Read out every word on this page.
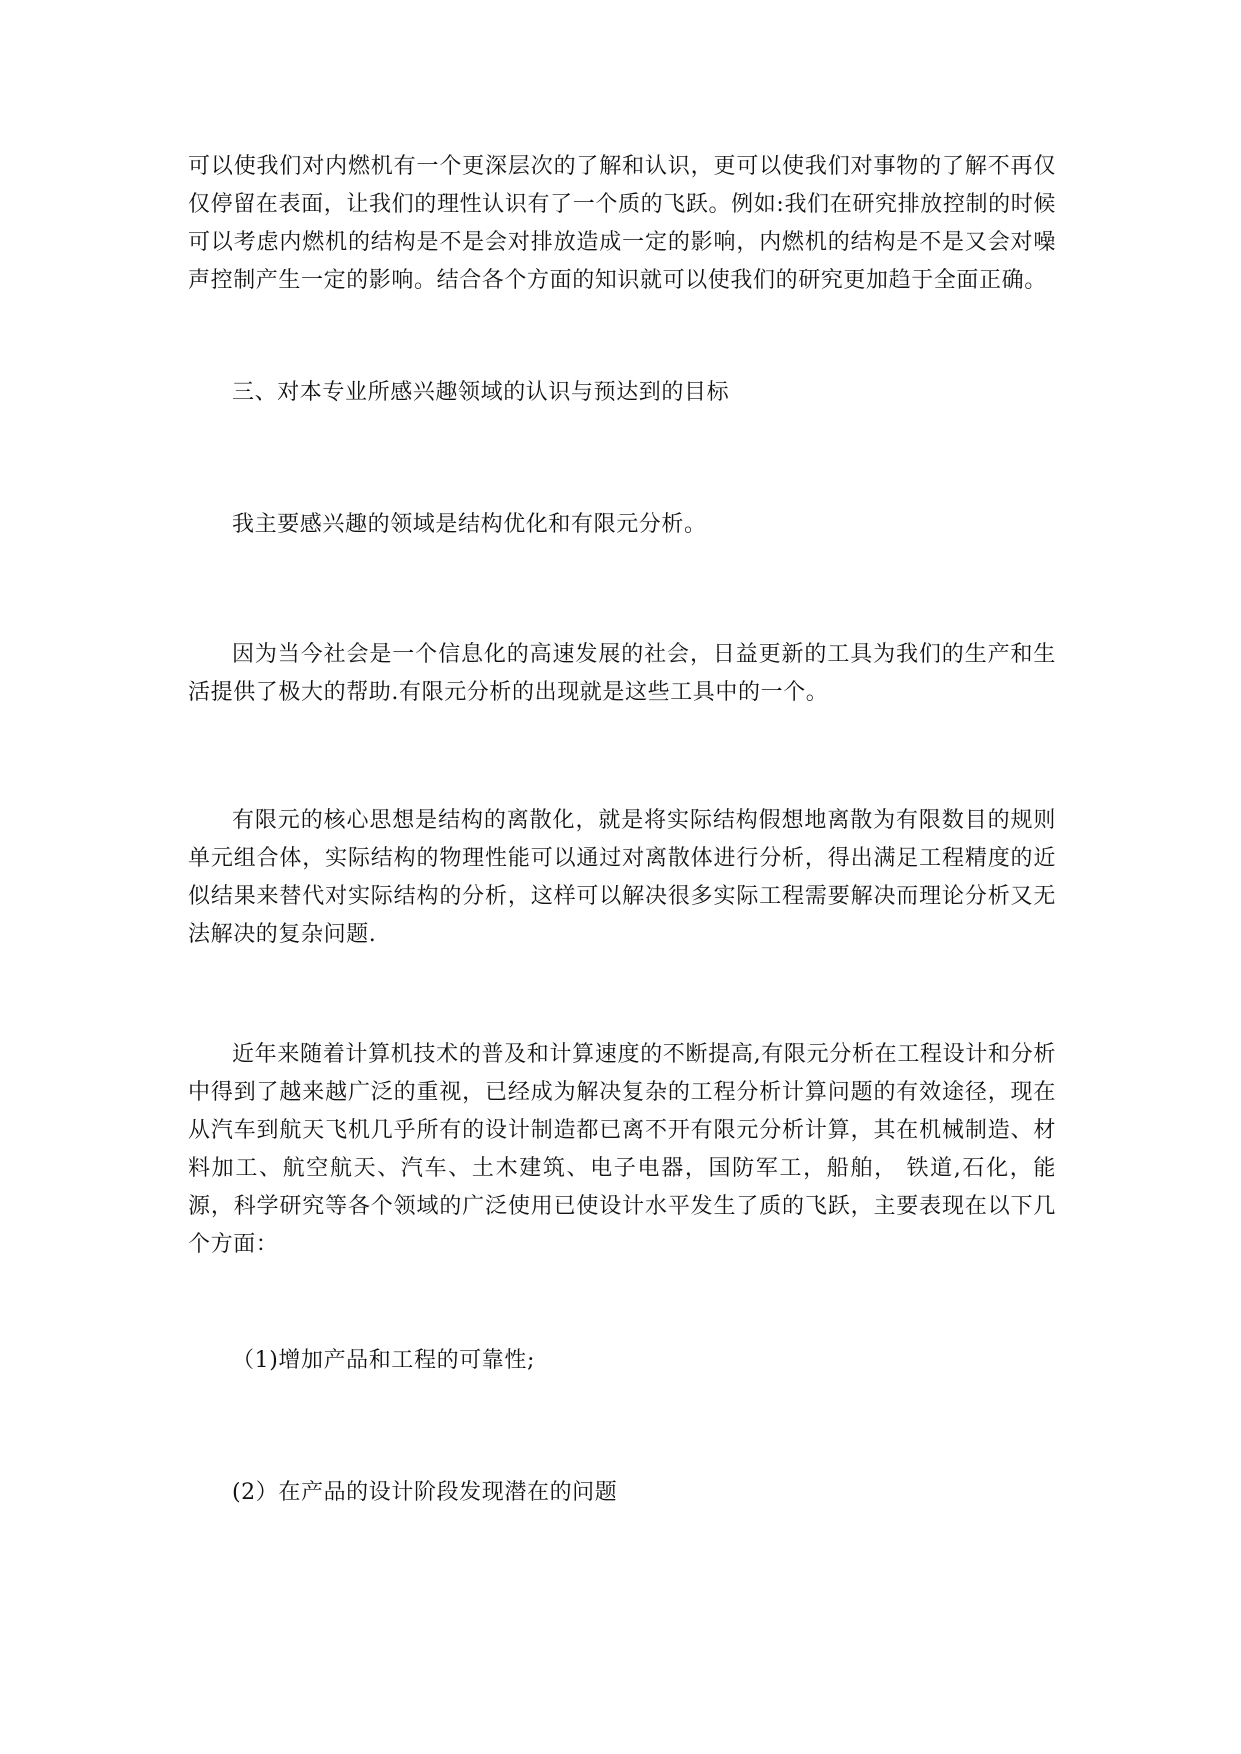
可以使我们对内燃机有一个更深层次的了解和认识，更可以使我们对事物的了解不再仅仅停留在表面，让我们的理性认识有了一个质的飞跃。例如:我们在研究排放控制的时候可以考虑内燃机的结构是不是会对排放造成一定的影响，内燃机的结构是不是又会对噪声控制产生一定的影响。结合各个方面的知识就可以使我们的研究更加趋于全面正确。

三、对本专业所感兴趣领域的认识与预达到的目标

我主要感兴趣的领域是结构优化和有限元分析。

因为当今社会是一个信息化的高速发展的社会，日益更新的工具为我们的生产和生活提供了极大的帮助.有限元分析的出现就是这些工具中的一个。

有限元的核心思想是结构的离散化，就是将实际结构假想地离散为有限数目的规则单元组合体，实际结构的物理性能可以通过对离散体进行分析，得出满足工程精度的近似结果来替代对实际结构的分析，这样可以解决很多实际工程需要解决而理论分析又无法解决的复杂问题.

近年来随着计算机技术的普及和计算速度的不断提高,有限元分析在工程设计和分析中得到了越来越广泛的重视，已经成为解决复杂的工程分析计算问题的有效途径，现在从汽车到航天飞机几乎所有的设计制造都已离不开有限元分析计算，其在机械制造、材料加工、航空航天、汽车、土木建筑、电子电器，国防军工，船舶， 铁道,石化，能源，科学研究等各个领域的广泛使用已使设计水平发生了质的飞跃，主要表现在以下几个方面：

（1)增加产品和工程的可靠性;

(2）在产品的设计阶段发现潜在的问题
